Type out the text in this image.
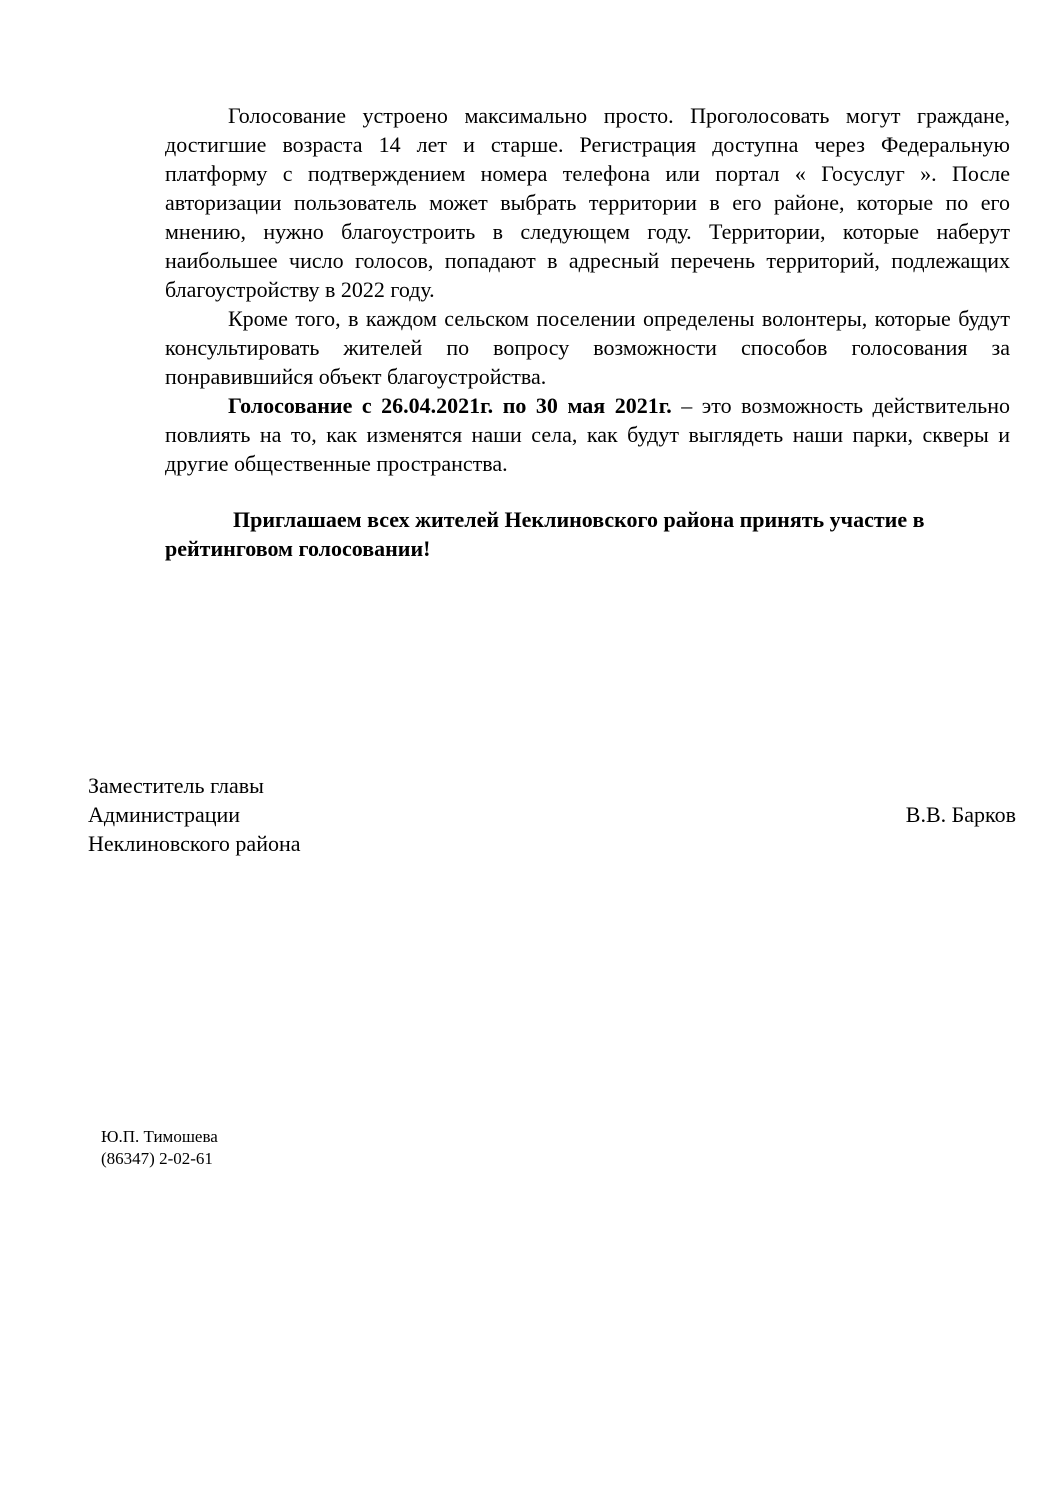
Голосование устроено максимально просто. Проголосовать могут граждане, достигшие возраста 14 лет и старше. Регистрация доступна через Федеральную платформу с подтверждением номера телефона или портал « Госуслуг ». После авторизации пользователь может выбрать территории в его районе, которые по его мнению, нужно благоустроить в следующем году. Территории, которые наберут наибольшее число голосов, попадают в адресный перечень территорий, подлежащих благоустройству в 2022 году.

Кроме того, в каждом сельском поселении определены волонтеры, которые будут консультировать жителей по вопросу возможности способов голосования за понравившийся объект благоустройства.

Голосование с 26.04.2021г. по 30 мая 2021г. – это возможность действительно повлиять на то, как изменятся наши села, как будут выглядеть наши парки, скверы и другие общественные пространства.

Приглашаем всех жителей Неклиновского района принять участие в рейтинговом голосовании!

Заместитель главы
Администрации
Неклиновского района
В.В. Барков
Ю.П. Тимошева
(86347) 2-02-61
